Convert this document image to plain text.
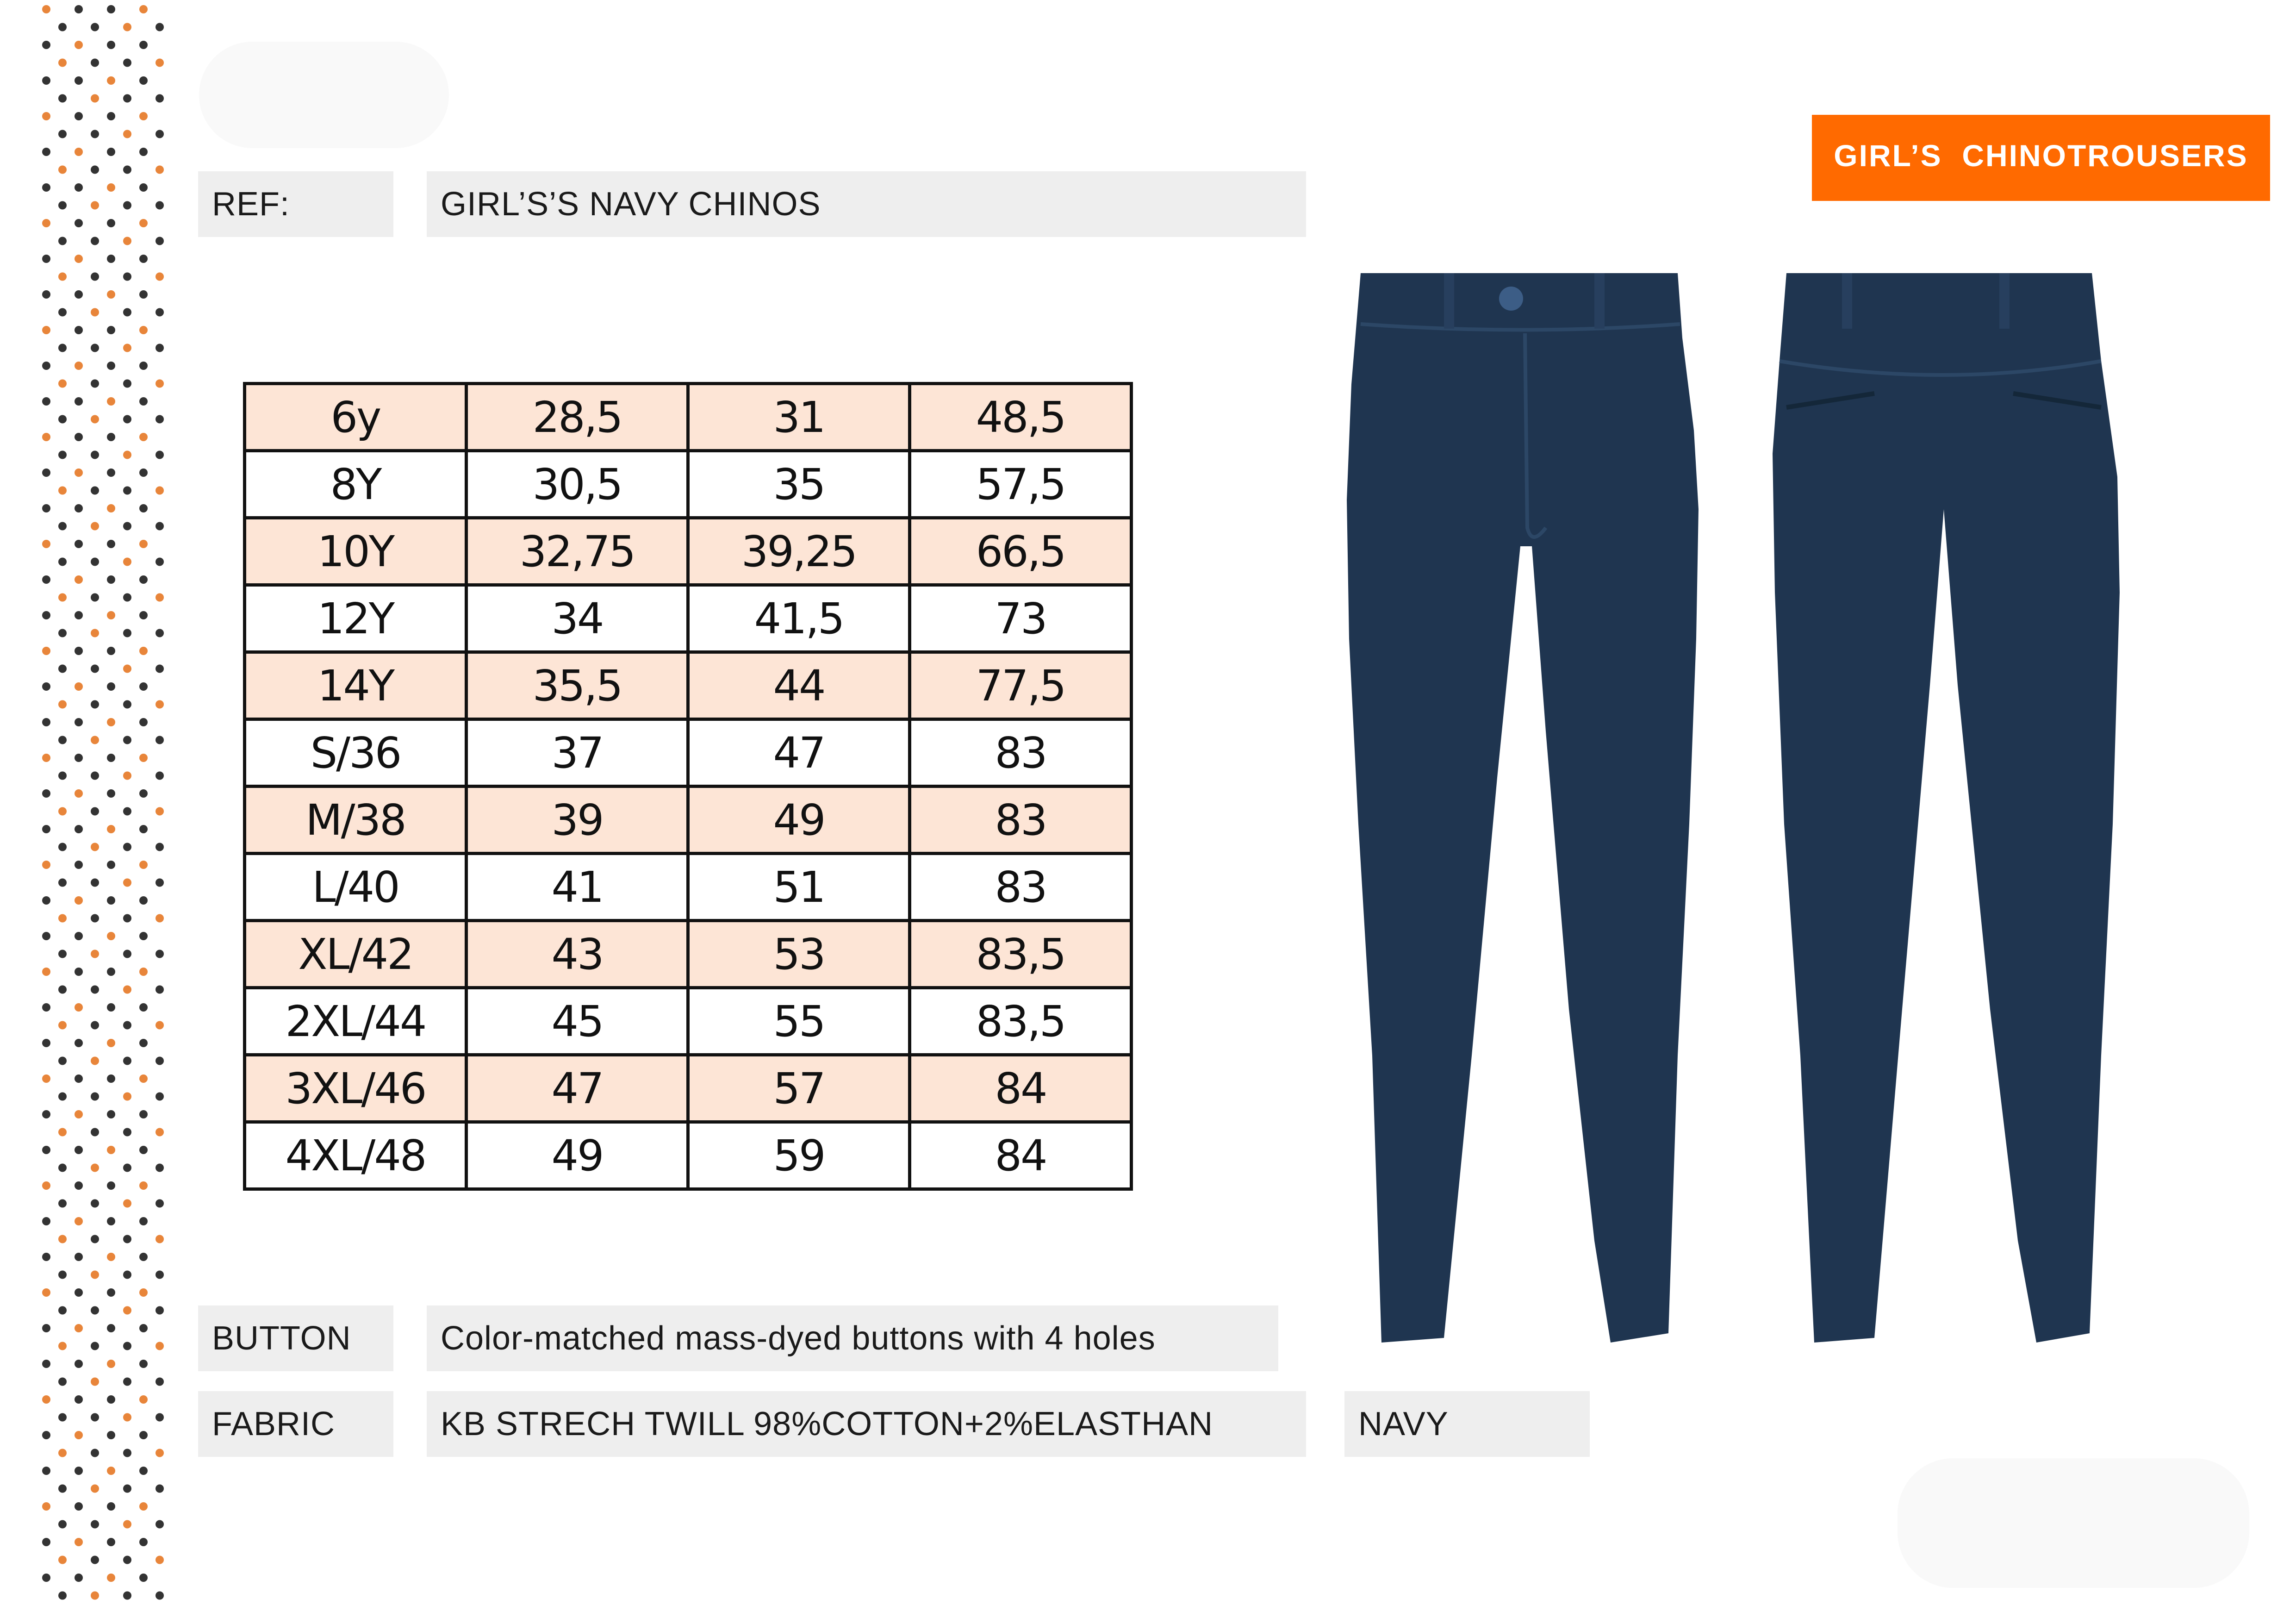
GIRL’S  CHINOTROUSERS
REF:	GIRL’S’S NAVY CHINOS
6y	28,5	31	48,5
8Y	30,5	35	57,5
10Y	32,75	39,25	66,5
12Y	34	41,5	73
14Y	35,5	44	77,5
S/36	37	47	83
M/38	39	49	83
L/40	41	51	83
XL/42	43	53	83,5
2XL/44	45	55	83,5
3XL/46	47	57	84
4XL/48	49	59	84
BUTTON	Color-matched mass-dyed buttons with 4 holes
FABRIC	KB STRECH TWILL 98%COTTON+2%ELASTHAN	NAVY
